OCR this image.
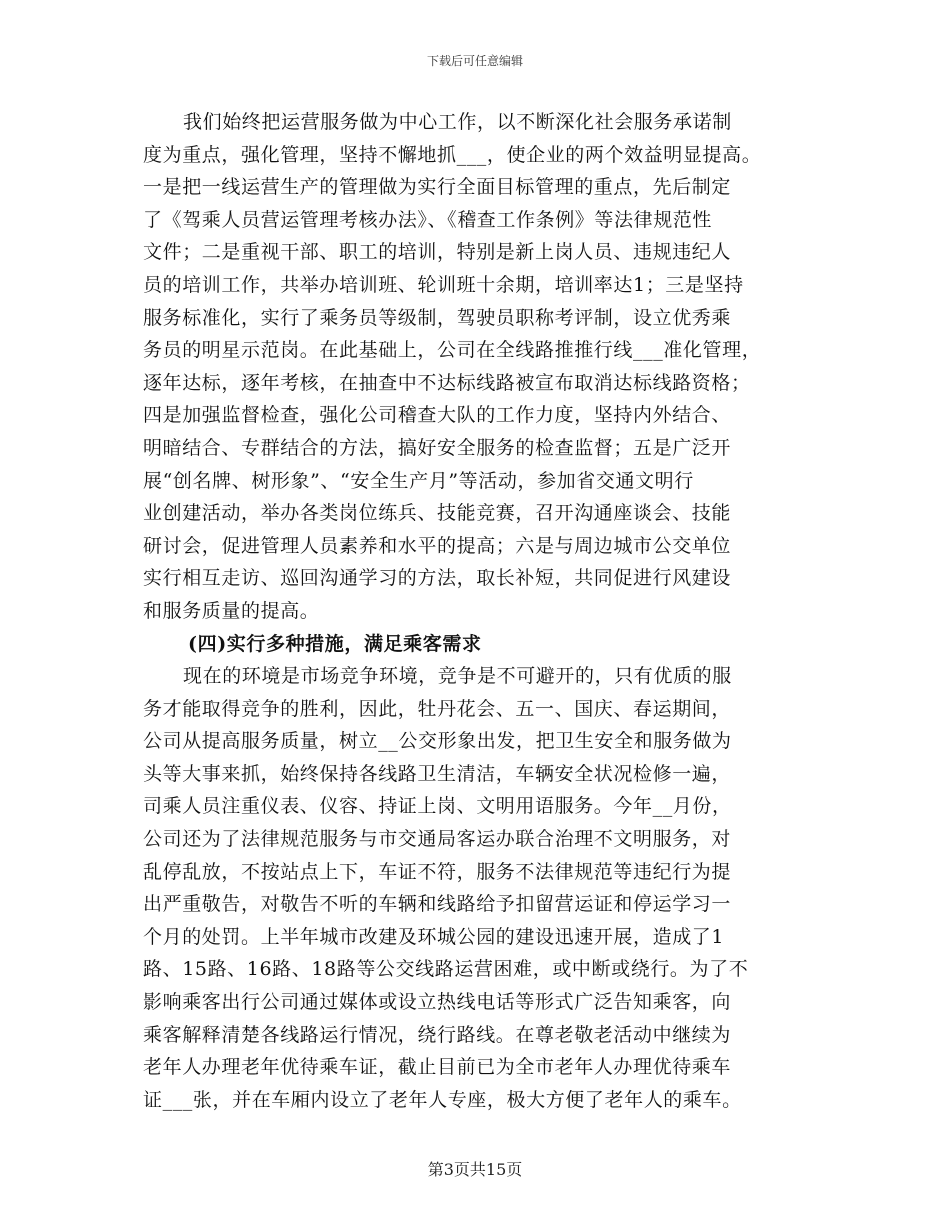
下载后可任意编辑
我们始终把运营服务做为中心工作，以不断深化社会服务承诺制
度为重点，强化管理，坚持不懈地抓___，使企业的两个效益明显提高。
一是把一线运营生产的管理做为实行全面目标管理的重点，先后制定
了《驾乘人员营运管理考核办法》、《稽查工作条例》等法律规范性
文件；二是重视干部、职工的培训，特别是新上岗人员、违规违纪人
员的培训工作，共举办培训班、轮训班十余期，培训率达1；三是坚持
服务标准化，实行了乘务员等级制，驾驶员职称考评制，设立优秀乘
务员的明星示范岗。在此基础上，公司在全线路推推行线___准化管理，
逐年达标，逐年考核，在抽查中不达标线路被宣布取消达标线路资格；
四是加强监督检查，强化公司稽查大队的工作力度，坚持内外结合、
明暗结合、专群结合的方法，搞好安全服务的检查监督；五是广泛开
展“创名牌、树形象”、“安全生产月”等活动，参加省交通文明行
业创建活动，举办各类岗位练兵、技能竞赛，召开沟通座谈会、技能
研讨会，促进管理人员素养和水平的提高；六是与周边城市公交单位
实行相互走访、巡回沟通学习的方法，取长补短，共同促进行风建设
和服务质量的提高。
(四)实行多种措施，满足乘客需求
现在的环境是市场竞争环境，竞争是不可避开的，只有优质的服
务才能取得竞争的胜利，因此，牡丹花会、五一、国庆、春运期间，
公司从提高服务质量，树立__公交形象出发，把卫生安全和服务做为
头等大事来抓，始终保持各线路卫生清洁，车辆安全状况检修一遍，
司乘人员注重仪表、仪容、持证上岗、文明用语服务。今年__月份，
公司还为了法律规范服务与市交通局客运办联合治理不文明服务，对
乱停乱放，不按站点上下，车证不符，服务不法律规范等违纪行为提
出严重敬告，对敬告不听的车辆和线路给予扣留营运证和停运学习一
个月的处罚。上半年城市改建及环城公园的建设迅速开展，造成了1
路、15路、16路、18路等公交线路运营困难，或中断或绕行。为了不
影响乘客出行公司通过媒体或设立热线电话等形式广泛告知乘客，向
乘客解释清楚各线路运行情况，绕行路线。在尊老敬老活动中继续为
老年人办理老年优待乘车证，截止目前已为全市老年人办理优待乘车
证___张，并在车厢内设立了老年人专座，极大方便了老年人的乘车。
第3页共15页
